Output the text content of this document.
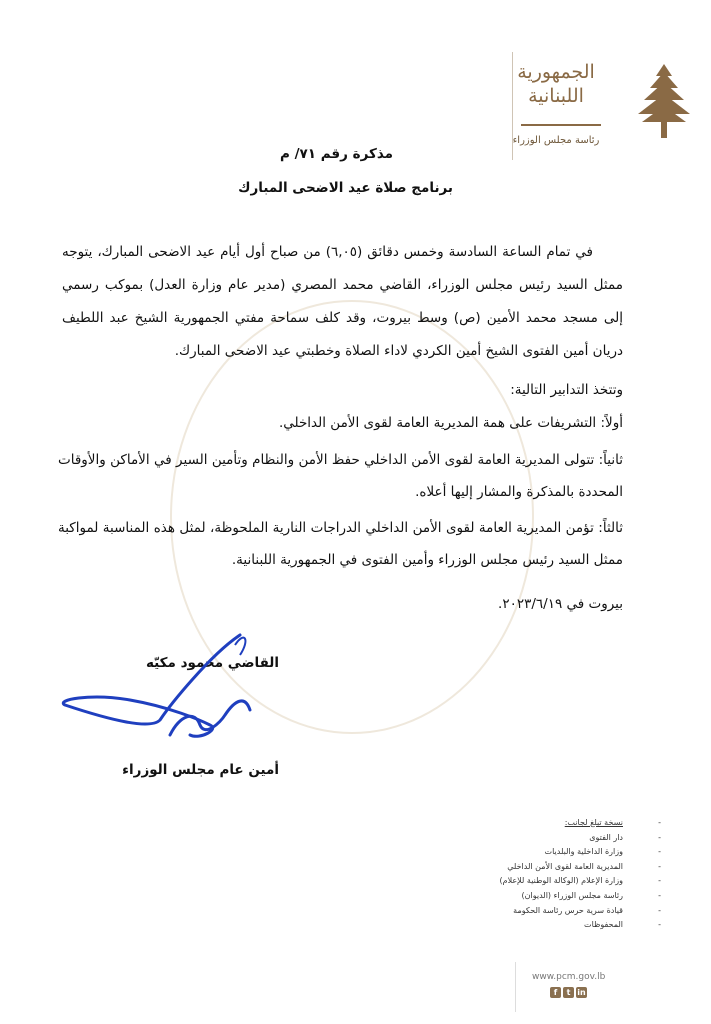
الجمهورية
اللبنانية
رئاسة مجلس الوزراء
مذكرة رقم ٧١/ م
برنامج صلاة عيد الاضحى المبارك
في تمام الساعة السادسة وخمس دقائق (٦,٠٥) من صباح أول أيام عيد الاضحى المبارك، يتوجه ممثل السيد رئيس مجلس الوزراء، القاضي محمد المصري (مدير عام وزارة العدل) بموكب رسمي إلى مسجد محمد الأمين (ص) وسط بيروت، وقد كلف سماحة مفتي الجمهورية الشيخ عبد اللطيف دريان أمين الفتوى الشيخ أمين الكردي لاداء الصلاة وخطبتي عيد الاضحى المبارك.
وتتخذ التدابير التالية:
أولاً: التشريفات على همة المديرية العامة لقوى الأمن الداخلي.
ثانياً: تتولى المديرية العامة لقوى الأمن الداخلي حفظ الأمن والنظام وتأمين السير في الأماكن والأوقات
المحددة بالمذكرة والمشار إليها أعلاه.
ثالثاً: تؤمن المديرية العامة لقوى الأمن الداخلي الدراجات النارية الملحوظة، لمثل هذه المناسبة لمواكبة
ممثل السيد رئيس مجلس الوزراء وأمين الفتوى في الجمهورية اللبنانية.
بيروت في ٢٠٢٣/٦/١٩.
القاضي محمود مكيّه
أمين عام مجلس الوزراء
-
نسخة تبلغ لجانب:
-
دار الفتوى
-
وزارة الداخلية والبلديات
-
المديرية العامة لقوى الأمن الداخلي
-
وزارة الإعلام (الوكالة الوطنية للإعلام)
-
رئاسة مجلس الوزراء (الديوان)
-
قيادة سرية حرس رئاسة الحكومة
-
المحفوظات
www.pcm.gov.lb
f	t in
